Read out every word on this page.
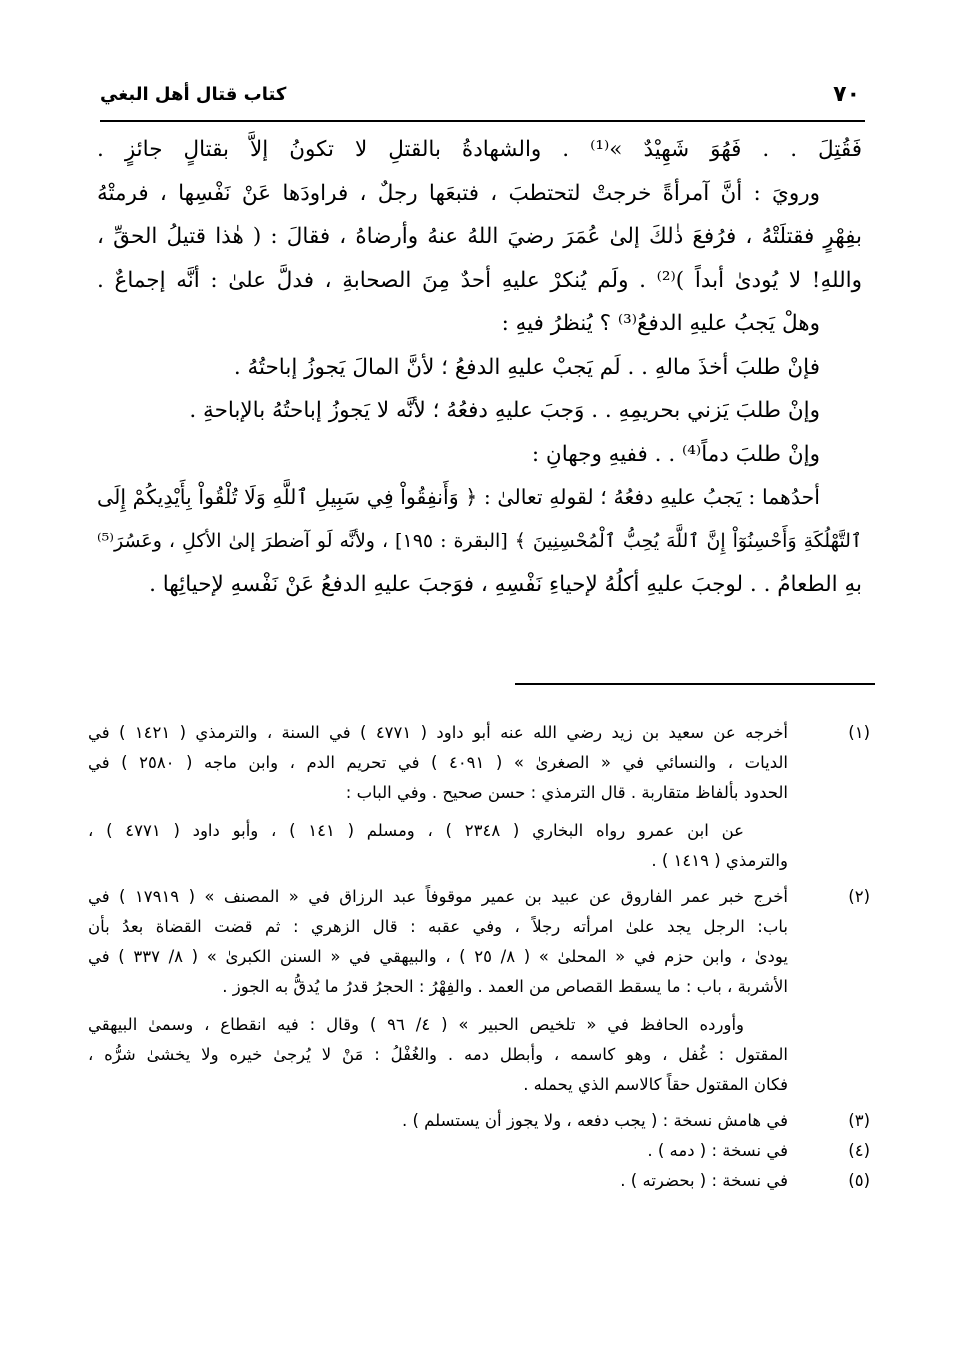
٧٠
كتاب قتال أهل البغي
فَقُتِلَ . . فَهُوَ شَهِيْدٌ »⁽¹⁾ . والشهادةُ بالقتلِ لا تكونُ إلاَّ بقتالٍ جائزٍ .
ورويَ : أنَّ آمرأةً خرجتْ لتحتطبَ ، فتبعَها رجلٌ ، فراودَها عَنْ نَفْسِها ، فرمتْهُ
بفِهْرٍ فقتلَتْهُ ، فرُفعَ ذٰلكَ إلىٰ عُمَرَ رضيَ اللهُ عنهُ وأرضاهُ ، فقالَ : ( هٰذا قتيلُ الحقِّ ،
واللهِ! لا يُودىٰ أبداً )⁽²⁾ . ولَم يُنكرْ عليهِ أحدٌ مِنَ الصحابةِ ، فدلَّ علىٰ : أنَّه إجماعٌ .
وهلْ يَجبُ عليهِ الدفعُ⁽³⁾ ؟ يُنظرُ فيهِ :
فإنْ طلبَ أخذَ مالهِ . . لَم يَجبْ عليهِ الدفعُ ؛ لأنَّ المالَ يَجوزُ إباحتُهُ .
وإنْ طلبَ يَزني بحريمِهِ . . وَجبَ عليهِ دفعُهُ ؛ لأنَّه لا يَجوزُ إباحتُهُ بالإباحةِ .
وإنْ طلبَ دماً⁽⁴⁾ . . ففيهِ وجهانِ :
أحدُهما : يَجبُ عليهِ دفعُهُ ؛ لقولهِ تعالىٰ : ﴿ وَأَنفِقُواْ فِي سَبِيلِ ٱللَّهِ وَلَا تُلْقُواْ بِأَيْدِيكُمْ إِلَى
ٱلتَّهْلُكَةِ وَأَحْسِنُوٓاْ إِنَّ ٱللَّهَ يُحِبُّ ٱلْمُحْسِنِينَ ﴾ [البقرة : ١٩٥] ، ولأنَّه لَو آضطرَ إلىٰ الأكلِ ، وعَسُرَ⁽⁵⁾
بهِ الطعامُ . . لوجبَ عليهِ أكلُهُ لإحياءِ نَفْسِهِ ، فوَجبَ عليهِ الدفعُ عَنْ نَفْسهِ لإحيائِها .
(١)
أخرجه عن سعيد بن زيد رضي الله عنه أبو داود ( ٤٧٧١ ) في السنة ، والترمذي ( ١٤٢١ ) في
الديات ، والنسائي في « الصغرىٰ » ( ٤٠٩١ ) في تحريم الدم ، وابن ماجه ( ٢٥٨٠ ) في
الحدود بألفاظ متقاربة . قال الترمذي : حسن صحيح . وفي الباب :
عن ابن عمرو رواه البخاري ( ٢٣٤٨ ) ، ومسلم ( ١٤١ ) ، وأبو داود ( ٤٧٧١ ) ،
والترمذي ( ١٤١٩ ) .
(٢)
أخرج خبر عمر الفاروق عن عبيد بن عمير موقوفاً عبد الرزاق في « المصنف » ( ١٧٩١٩ ) في
باب: الرجل يجد علىٰ امرأته رجلاً ، وفي عقبه : قال الزهري : ثم قضت القضاة بعدُ بأن
يودىٰ ، وابن حزم في « المحلىٰ » ( ٨/ ٢٥ ) ، والبيهقي في « السنن الكبرىٰ » ( ٨/ ٣٣٧ ) في
الأشربة ، باب : ما يسقط القصاص من العمد . والفِهْرُ : الحجرُ قدرُ ما يُدقُّ به الجوز .
وأورده الحافظ في « تلخيص الحبير » ( ٤/ ٩٦ ) وقال : فيه انقطاع ، وسمىٰ البيهقي
المقتول : غُفل ، وهو كاسمه ، وأبطل دمه . والغُفْلُ : مَنْ لا يُرجىٰ خيره ولا يخشىٰ شرُّه ،
فكان المقتول حقاً كالاسم الذي يحمله .
(٣)
في هامش نسخة : ( يجب دفعه ، ولا يجوز أن يستسلم ) .
(٤)
في نسخة : ( دمه ) .
(٥)
في نسخة : ( بحضرته ) .
